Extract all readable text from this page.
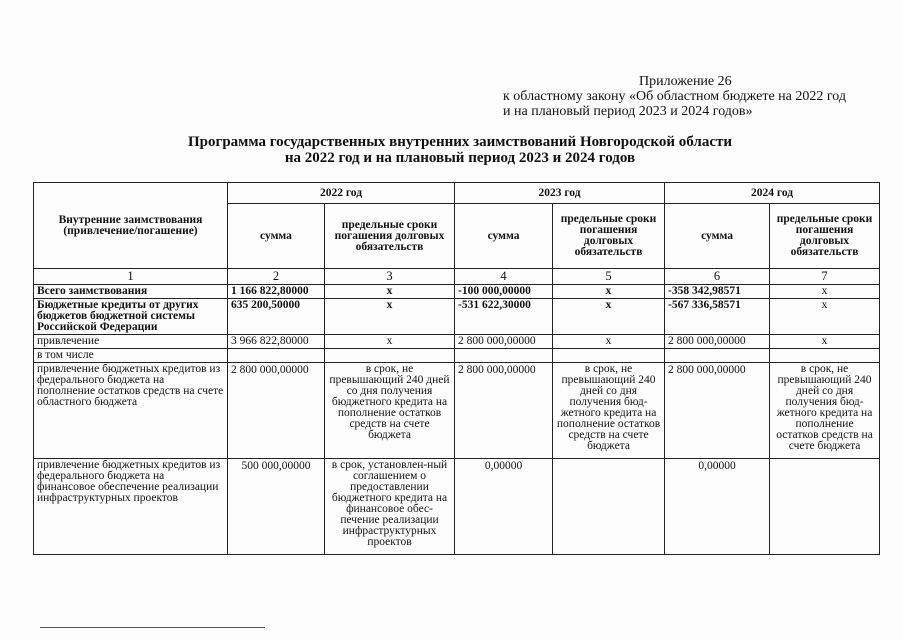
Приложение 26
к областному закону «Об областном бюджете на 2022 год
и на плановый период 2023 и 2024 годов»
Программа государственных внутренних заимствований Новгородской области
на 2022 год и на плановый период 2023 и 2024 годов
Внутренние заимствования (привлечение/погашение)	2022 год		2023 год		2024 год	
	сумма	предельные сроки погашения долговых обязательств	сумма	предельные сроки погашения долговых обязательств	сумма	предельные сроки погашения долговых обязательств
1	2	3	4	5	6	7
Всего заимствования	1 166 822,80000	х	-100 000,00000	х	-358 342,98571	х
Бюджетные кредиты от других бюджетов бюджетной системы Российской Федерации	635 200,50000	х	-531 622,30000	х	-567 336,58571	х
привлечение	3 966 822,80000	х	2 800 000,00000	х	2 800 000,00000	х
в том числе						
привлечение бюджетных кредитов из федерального бюджета на пополнение остатков средств на счете областного бюджета	2 800 000,00000	в срок, не превышающий 240 дней со дня получения бюджетного кредита на пополнение остатков средств на счете бюджета	2 800 000,00000	в срок, не превышающий 240 дней со дня получения бюд-жетного кредита на пополнение остатков средств на счете бюджета	2 800 000,00000	в срок, не превышающий 240 дней со дня получения бюд-жетного кредита на пополнение остатков средств на счете бюджета
привлечение бюджетных кредитов из федерального бюджета на финансовое обеспечение реализации инфраструктурных проектов	500 000,00000	в срок, установлен-ный соглашением о предоставлении бюджетного кредита на финансовое обес-печение реализации инфраструктурных проектов	0,00000		0,00000	
